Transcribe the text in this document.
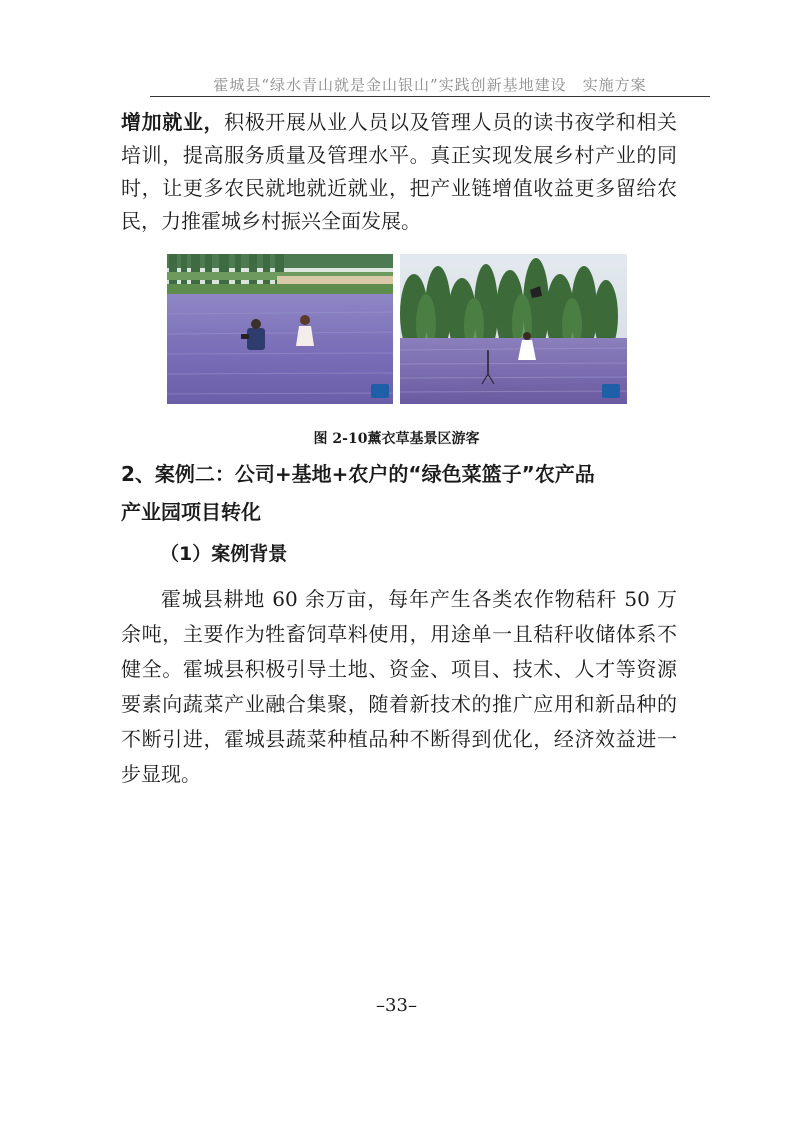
霍城县“绿水青山就是金山银山”实践创新基地建设　实施方案

增加就业，积极开展从业人员以及管理人员的读书夜学和相关培训，提高服务质量及管理水平。真正实现发展乡村产业的同时，让更多农民就地就近就业，把产业链增值收益更多留给农民，力推霍城乡村振兴全面发展。

图 2-10薰衣草基景区游客

2、案例二：公司+基地+农户的“绿色菜篮子”农产品

产业园项目转化

（1）案例背景

霍城县耕地 60 余万亩，每年产生各类农作物秸秆 50 万余吨，主要作为牲畜饲草料使用，用途单一且秸秆收储体系不健全。霍城县积极引导土地、资金、项目、技术、人才等资源要素向蔬菜产业融合集聚，随着新技术的推广应用和新品种的不断引进，霍城县蔬菜种植品种不断得到优化，经济效益进一步显现。

–33–
